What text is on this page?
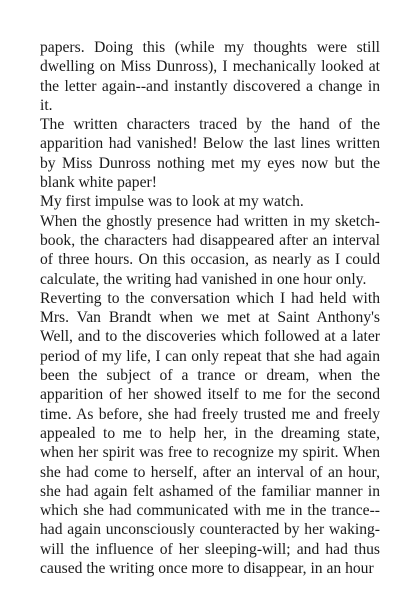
papers. Doing this (while my thoughts were still dwelling on Miss Dunross), I mechanically looked at the letter again--and instantly discovered a change in it.

The written characters traced by the hand of the apparition had vanished! Below the last lines written by Miss Dunross nothing met my eyes now but the blank white paper!

My first impulse was to look at my watch.

When the ghostly presence had written in my sketch-book, the characters had disappeared after an interval of three hours. On this occasion, as nearly as I could calculate, the writing had vanished in one hour only.

Reverting to the conversation which I had held with Mrs. Van Brandt when we met at Saint Anthony's Well, and to the discoveries which followed at a later period of my life, I can only repeat that she had again been the subject of a trance or dream, when the apparition of her showed itself to me for the second time. As before, she had freely trusted me and freely appealed to me to help her, in the dreaming state, when her spirit was free to recognize my spirit. When she had come to herself, after an interval of an hour, she had again felt ashamed of the familiar manner in which she had communicated with me in the trance--had again unconsciously counteracted by her waking-will the influence of her sleeping-will; and had thus caused the writing once more to disappear, in an hour
